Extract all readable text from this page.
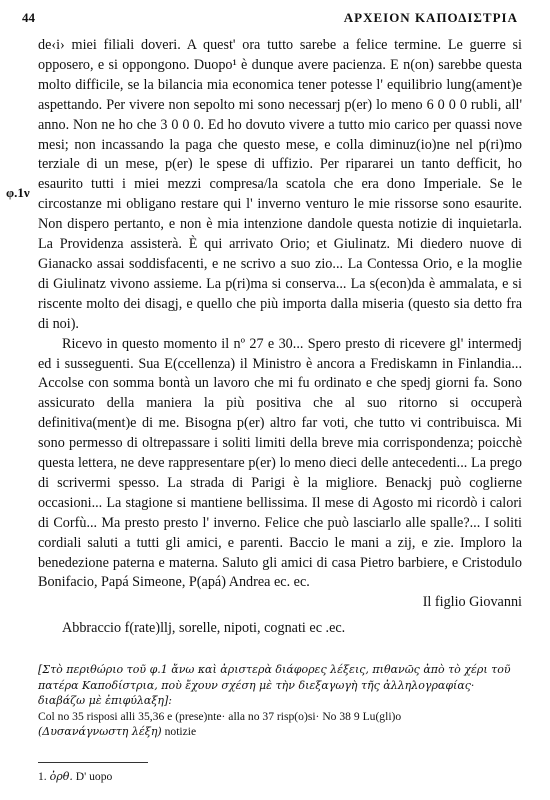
44	ΑΡΧΕΙΟΝ ΚΑΠΟΔΙΣΤΡΙΑ
φ.1ν

de‹i› miei filiali doveri. A quest' ora tutto sarebe a felice termine. Le guerre si opposero, e si oppongono. Duopo¹ è dunque avere pacienza. E n(on) sarebbe questa molto difficile, se la bilancia mia economica tener potesse l' equilibrio lung(ament)e aspettando. Per vivere non sepolto mi sono necessarj p(er) lo meno 6 0 0 0 rubli, all' anno. Non ne ho che 3 0 0 0. Ed ho dovuto vivere a tutto mio carico per quassi nove mesi; non incassando la paga che questo mese, e colla diminuz(io)ne nel p(ri)mo terziale di un mese, p(er) le spese di uffizio. Per ripararei un tanto defficit, ho esaurito tutti i miei mezzi compresa/la scatola che era dono Imperiale. Se le circostanze mi obligano restare qui l' inverno venturo le mie rissorse sono esaurite. Non dispero pertanto, e non è mia intenzione dandole questa notizie di inquietarla. La Providenza assisterà. È qui arrivato Orio; et Giulinatz. Mi diedero nuove di Gianacko assai soddisfacenti, e ne scrivo a suo zio... La Contessa Orio, e la moglie di Giulinatz vivono assieme. La p(ri)ma si conserva... La s(econ)da è ammalata, e si riscente molto dei disagj, e quello che più importa dalla miseria (questo sia detto fra di noi).

Ricevo in questo momento il nº 27 e 30... Spero presto di ricevere gl' intermedj ed i susseguenti. Sua E(ccellenza) il Ministro è ancora a Frediskamn in Finlandia... Accolse con somma bontà un lavoro che mi fu ordinato e che spedj giorni fa. Sono assicurato della maniera la più positiva che al suo ritorno si occuperà definitiva(ment)e di me. Bisogna p(er) altro far voti, che tutto vi contribuisca. Mi sono permesso di oltrepassare i soliti limiti della breve mia corrispondenza; poicchè questa lettera, ne deve rappresentare p(er) lo meno dieci delle antecedenti... La prego di scrivermi spesso. La strada di Parigi è la migliore. Benackj può coglierne occasioni... La stagione si mantiene bellissima. Il mese di Agosto mi ricordò i calori di Corfù... Ma presto presto l' inverno. Felice che può lasciarlo alle spalle?... I soliti cordiali saluti a tutti gli amici, e parenti. Baccio le mani a zij, e zie. Imploro la benedezione paterna e materna. Saluto gli amici di casa Pietro barbiere, e Cristodulo Bonifacio, Papá Simeone, P(apá) Andrea ec. ec.

Il figlio Giovanni

Abbraccio f(rate)llj, sorelle, nipoti, cognati ec .ec.

[Στὸ περιθώριο τοῦ φ.1 ἄνω καὶ ἀριστερὰ διάφορες λέξεις, πιθανῶς ἀπὸ τὸ χέρι τοῦ πατέρα Καποδίστρια, ποὺ ἔχουν σχέση μὲ τὴν διεξαγωγὴ τῆς ἀλληλογραφίας· διαβάζω μὲ ἐπιφύλαξη]:

Col no 35 risposi alli 35,36 e (prese)nte· alla no 37 risp(o)si· No 38 9 Lu(gli)o
(Δυσανάγνωστη λέξη) notizie

1. ὀρθ. D' uopo
